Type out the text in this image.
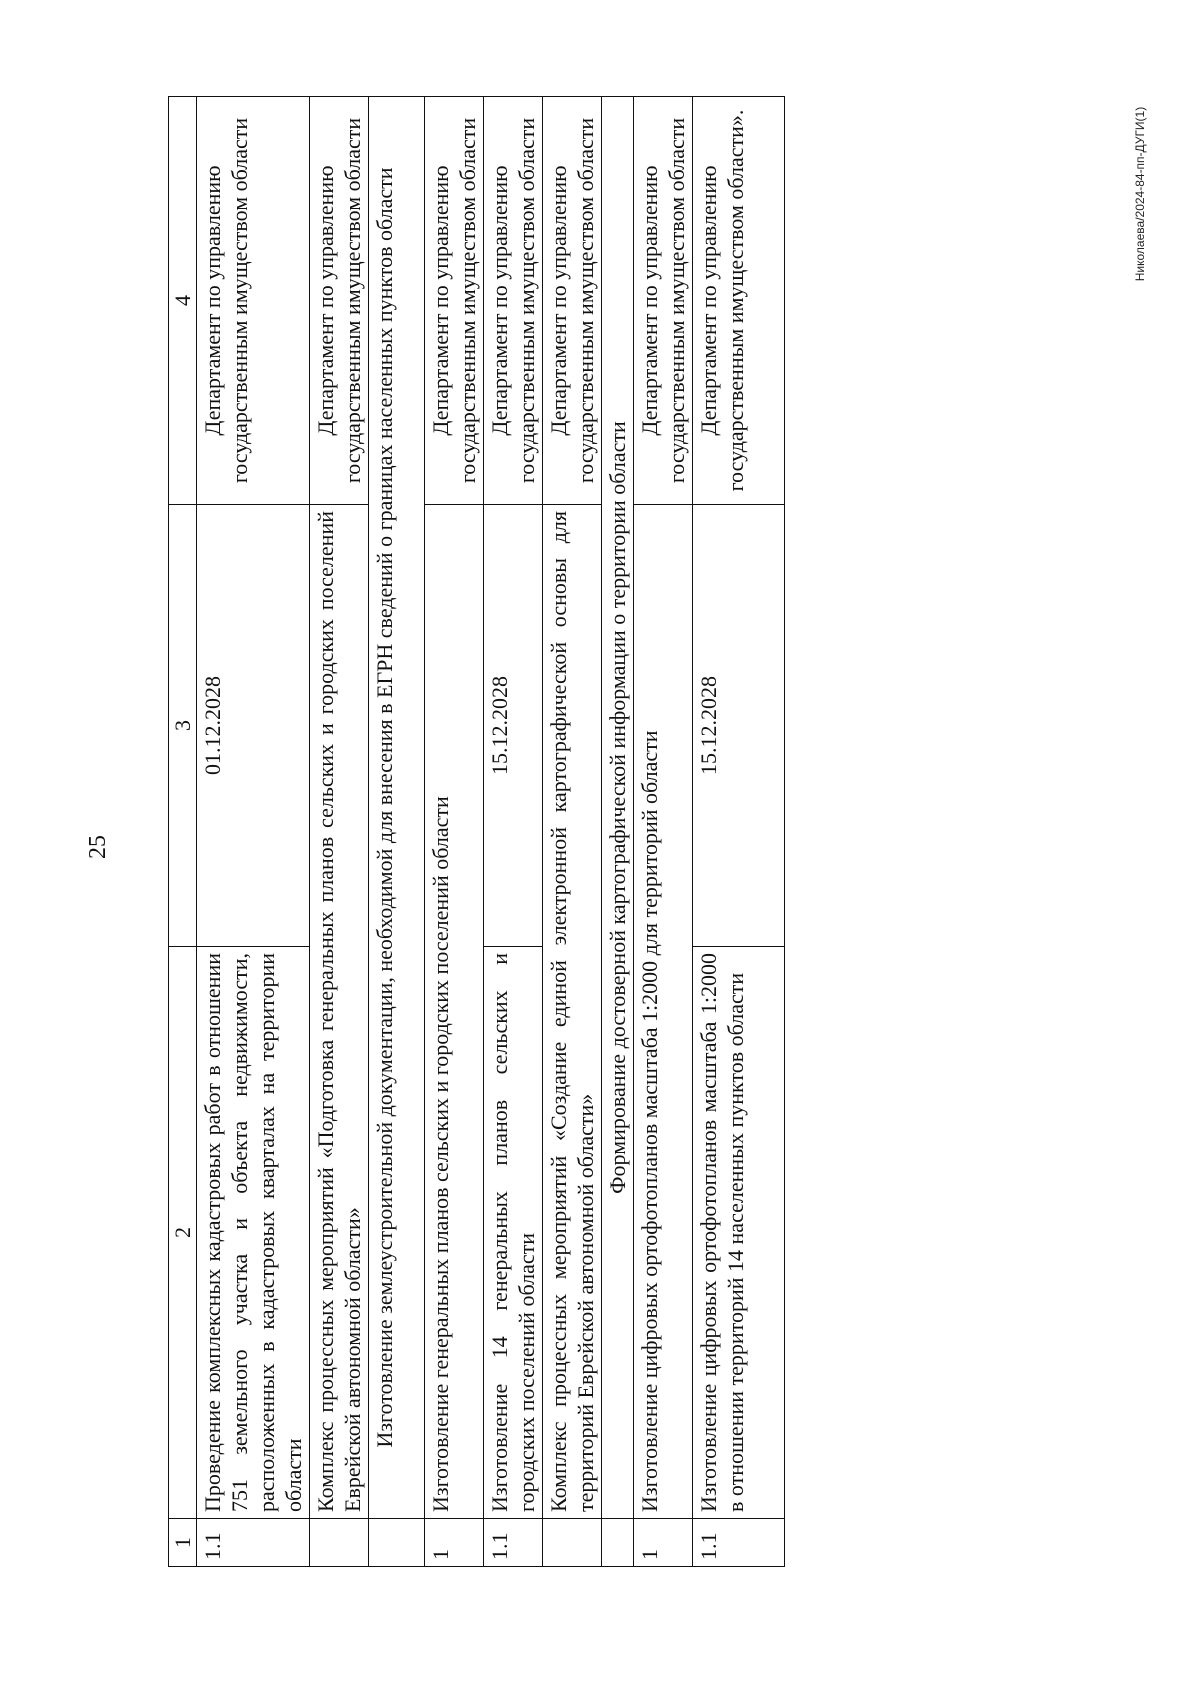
25
Николаева/2024-84-пп-ДУГИ(1)
1	2	3	4
1.1	Проведение комплексных кадастровых работ в отношении 751 земельного участка и объекта недвижимости, расположенных в кадастровых кварталах на территории области	01.12.2028	Департамент по управлению государственным имуществом области
	Комплекс процессных мероприятий «Подготовка генеральных планов сельских и городских поселений Еврейской автономной области»		Департамент по управлению государственным имуществом области
	Изготовление землеустроительной документации, необходимой для внесения в ЕГРН сведений о границах населенных пунктов области		
1	Изготовление генеральных планов сельских и городских поселений области		Департамент по управлению государственным имуществом области
1.1	Изготовление 14 генеральных планов сельских и городских поселений области	15.12.2028	Департамент по управлению государственным имуществом области
	Комплекс процессных мероприятий «Создание единой электронной картографической основы для территорий Еврейской автономной области»		Департамент по управлению государственным имуществом области
	Формирование достоверной картографической информации о территории области		
1	Изготовление цифровых ортофотопланов масштаба 1:2000 для территорий области		Департамент по управлению государственным имуществом области
1.1	Изготовление цифровых ортофотопланов масштаба 1:2000 в отношении территорий 14 населенных пунктов области	15.12.2028	Департамент по управлению государственным имуществом области».
